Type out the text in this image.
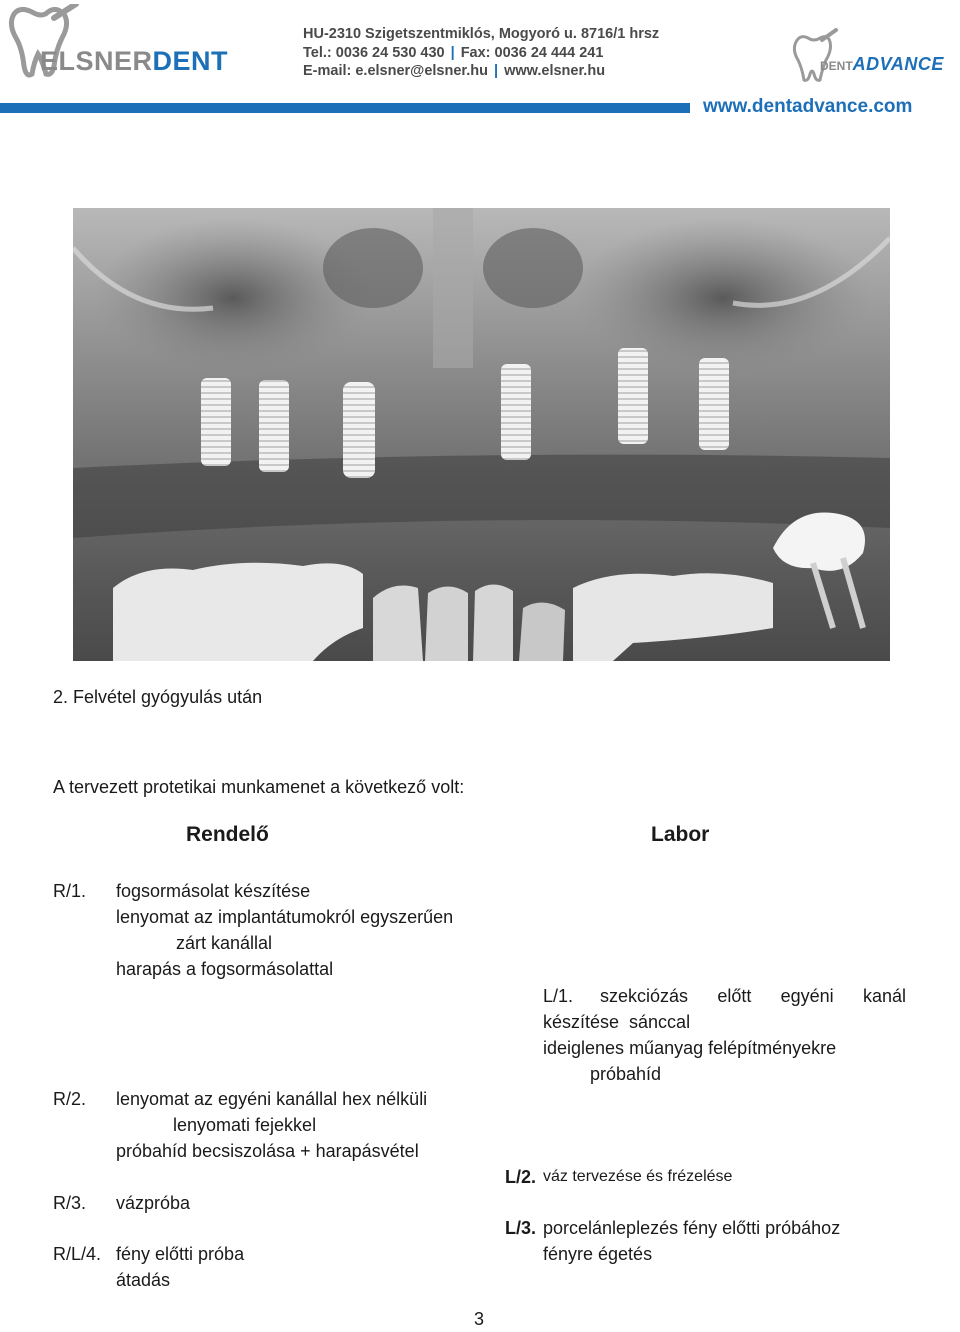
ELSNERDENT
HU-2310 Szigetszentmiklós, Mogyoró u. 8716/1 hrsz
Tel.: 0036 24 530 430 | Fax: 0036 24 444 241
E-mail: e.elsner@elsner.hu | www.elsner.hu	DENTADVANCE
www.dentadvance.com
2. Felvétel gyógyulás után
A tervezett protetikai munkamenet a következő volt:
Rendelő	Labor
R/1. fogsormásolat készítése
lenyomat az implantátumokról egyszerűen
zárt kanállal
harapás a fogsormásolattal
R/2. lenyomat az egyéni kanállal hex nélküli
lenyomati fejekkel
próbahíd becsiszolása + harapásvétel
R/3. vázpróba
R/L/4. fény előtti próba
átadás
L/1. szekciózás előtt egyéni kanál
készítése  sánccal
ideiglenes műanyag felépítményekre
próbahíd
L/2. váz tervezése és frézelése
L/3. porcelánleplezés fény előtti próbához
fényre égetés
3
